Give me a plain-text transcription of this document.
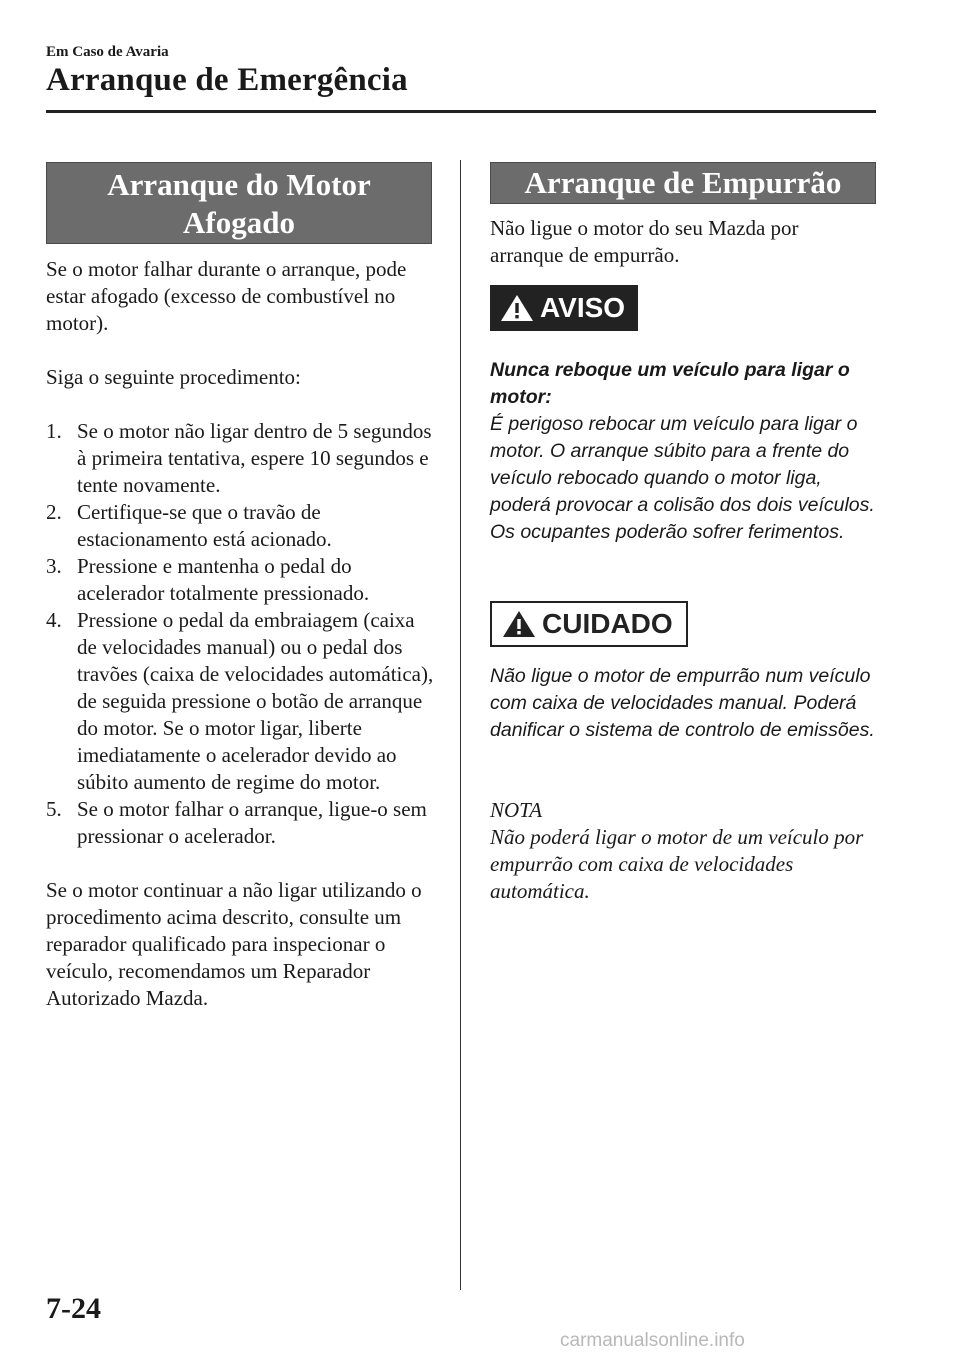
Em Caso de Avaria
Arranque de Emergência
Arranque do Motor
Afogado

Se o motor falhar durante o arranque, pode estar afogado (excesso de combustível no motor).

Siga o seguinte procedimento:

1. Se o motor não ligar dentro de 5 segundos à primeira tentativa, espere 10 segundos e tente novamente.
2. Certifique-se que o travão de estacionamento está acionado.
3. Pressione e mantenha o pedal do acelerador totalmente pressionado.
4. Pressione o pedal da embraiagem (caixa de velocidades manual) ou o pedal dos travões (caixa de velocidades automática), de seguida pressione o botão de arranque do motor. Se o motor ligar, liberte imediatamente o acelerador devido ao súbito aumento de regime do motor.
5. Se o motor falhar o arranque, ligue-o sem pressionar o acelerador.

Se o motor continuar a não ligar utilizando o procedimento acima descrito, consulte um reparador qualificado para inspecionar o veículo, recomendamos um Reparador Autorizado Mazda.

Arranque de Empurrão
Não ligue o motor do seu Mazda por arranque de empurrão.
AVISO
Nunca reboque um veículo para ligar o motor:
É perigoso rebocar um veículo para ligar o motor. O arranque súbito para a frente do veículo rebocado quando o motor liga, poderá provocar a colisão dos dois veículos. Os ocupantes poderão sofrer ferimentos.
CUIDADO
Não ligue o motor de empurrão num veículo com caixa de velocidades manual. Poderá danificar o sistema de controlo de emissões.
NOTA
Não poderá ligar o motor de um veículo por empurrão com caixa de velocidades automática.
7-24
carmanualsonline.info
